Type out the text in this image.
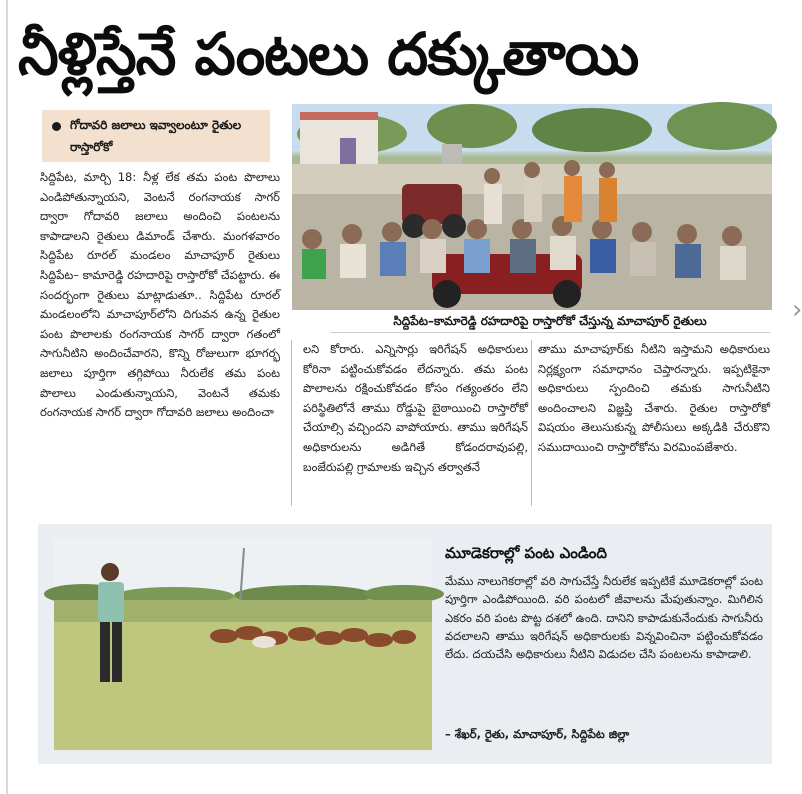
›
నీళ్లిస్తేనే పంటలు దక్కుతాయి
గోదావరి జలాలు ఇవ్వాలంటూ రైతుల రాస్తారోకో
సిద్దిపేట, మార్చి 18: నీళ్ల లేక తమ పంట పొలాలు ఎండిపోతున్నాయని, వెంటనే రంగనాయక సాగర్ ద్వారా గోదావరి జలాలు అందించి పంటలను కాపాడాలని రైతులు డిమాండ్ చేశారు. మంగళవారం సిద్దిపేట రూరల్ మండలం మాచాపూర్ రైతులు సిద్దిపేట– కామారెడ్డి రహదారిపై రాస్తారోకో చేపట్టారు. ఈ సందర్భంగా రైతులు మాట్లాడుతూ.. సిద్దిపేట రూరల్ మండలంలోని మాచాపూర్‌లోని దిగువన ఉన్న రైతుల పంట పొలాలకు రంగనాయక సాగర్ ద్వారా గతంలో సాగునీటిని అందించేవారని, కొన్ని రోజులుగా భూగర్భ జలాలు పూర్తిగా తగ్గిపోయి నీరులేక తమ పంట పొలాలు ఎండుతున్నాయని, వెంటనే తమకు రంగనాయక సాగర్ ద్వారా గోదావరి జలాలు అందించా
లని కోరారు. ఎన్నిసార్లు ఇరిగేషన్ అధికారులు కోరినా పట్టించుకోవడం లేదన్నారు. తమ పంట పొలాలను రక్షించుకోవడం కోసం గత్యంతరం లేని పరిస్థితిలోనే తాము రోడ్డుపై బైఠాయించి రాస్తారోకో చేయాల్సి వచ్చిందని వాపోయారు. తాము ఇరిగేషన్ అధికారులను అడిగితే కోడందరావుపల్లి, బంజేరుపల్లి గ్రామాలకు ఇచ్చిన తర్వాతనే
తాము మాచాపూర్‌కు నీటిని ఇస్తామని అధికారులు నిర్లక్ష్యంగా సమాధానం చెప్తారన్నారు. ఇప్పటికైనా అధికారులు స్పందించి తమకు సాగునీటిని అందించాలని విజ్ఞప్తి చేశారు. రైతుల రాస్తారోకో విషయం తెలుసుకున్న పోలీసులు అక్కడికి చేరుకొని సముదాయించి రాస్తారోకోను విరమింపజేశారు.
సిద్దిపేట–కామారెడ్డి రహదారిపై రాస్తారోకో చేస్తున్న మాచాపూర్ రైతులు
మూడెకరాల్లో పంట ఎండింది
మేము నాలుగెకరాల్లో వరి సాగుచేస్తే నీరులేక ఇప్పటికే మూడెకరాల్లో పంట పూర్తిగా ఎండిపోయింది. వరి పంటలో జీవాలను మేపుతున్నాం. మిగిలిన ఎకరం వరి పంట పొట్ట దశలో ఉంది. దానిని కాపాడుకునేందుకు సాగునీరు వదలాలని తాము ఇరిగేషన్ అధికారులకు విన్నవించినా పట్టించుకోవడం లేదు. దయచేసి అధికారులు నీటిని విడుదల చేసి పంటలను కాపాడాలి.
– శేఖర్, రైతు, మాచాపూర్, సిద్దిపేట జిల్లా
